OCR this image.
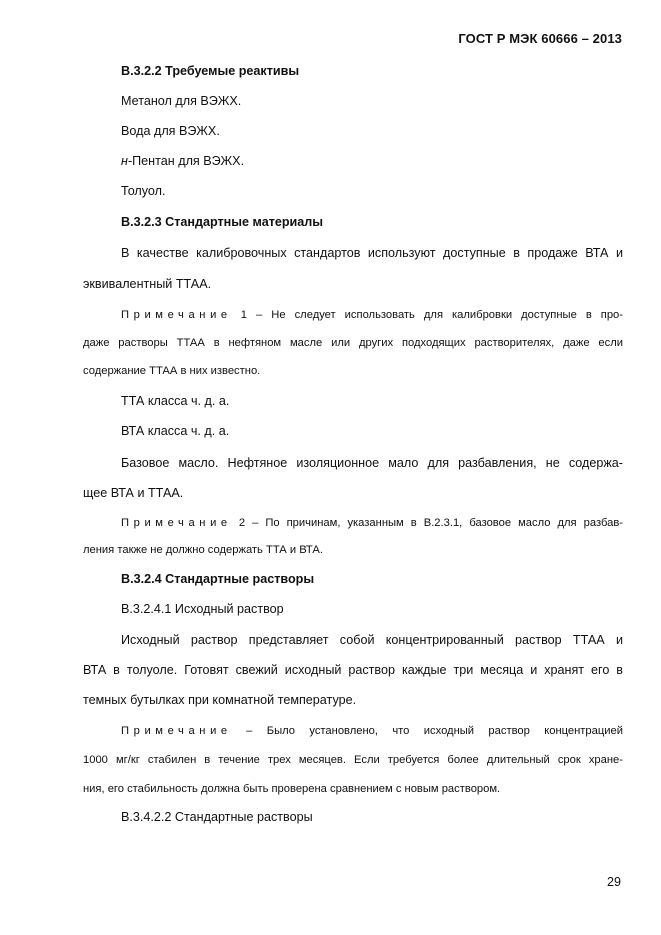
ГОСТ Р МЭК 60666 – 2013
B.3.2.2 Требуемые реактивы
Метанол для ВЭЖХ.
Вода для ВЭЖХ.
н-Пентан для ВЭЖХ.
Толуол.
B.3.2.3 Стандартные материалы
В качестве калибровочных стандартов используют доступные в продаже ВТА и
эквивалентный ТТАА.
Примечание 1 – Не следует использовать для калибровки доступные в про-
даже растворы ТТАА в нефтяном масле или других подходящих растворителях, даже если
содержание ТТАА в них известно.
ТТА класса ч. д. а.
ВТА класса ч. д. а.
Базовое масло. Нефтяное изоляционное мало для разбавления, не содержа-
щее ВТА и ТТАА.
Примечание 2 – По причинам, указанным в В.2.3.1, базовое масло для разбав-
ления также не должно содержать ТТА и ВТА.
B.3.2.4 Стандартные растворы
В.3.2.4.1 Исходный раствор
Исходный раствор представляет собой концентрированный раствор ТТАА и
ВТА в толуоле. Готовят свежий исходный раствор каждые три месяца и хранят его в
темных бутылках при комнатной температуре.
Примечание – Было установлено, что исходный раствор концентрацией
1000 мг/кг стабилен в течение трех месяцев. Если требуется более длительный срок хране-
ния, его стабильность должна быть проверена сравнением с новым раствором.
В.3.4.2.2 Стандартные растворы
29
